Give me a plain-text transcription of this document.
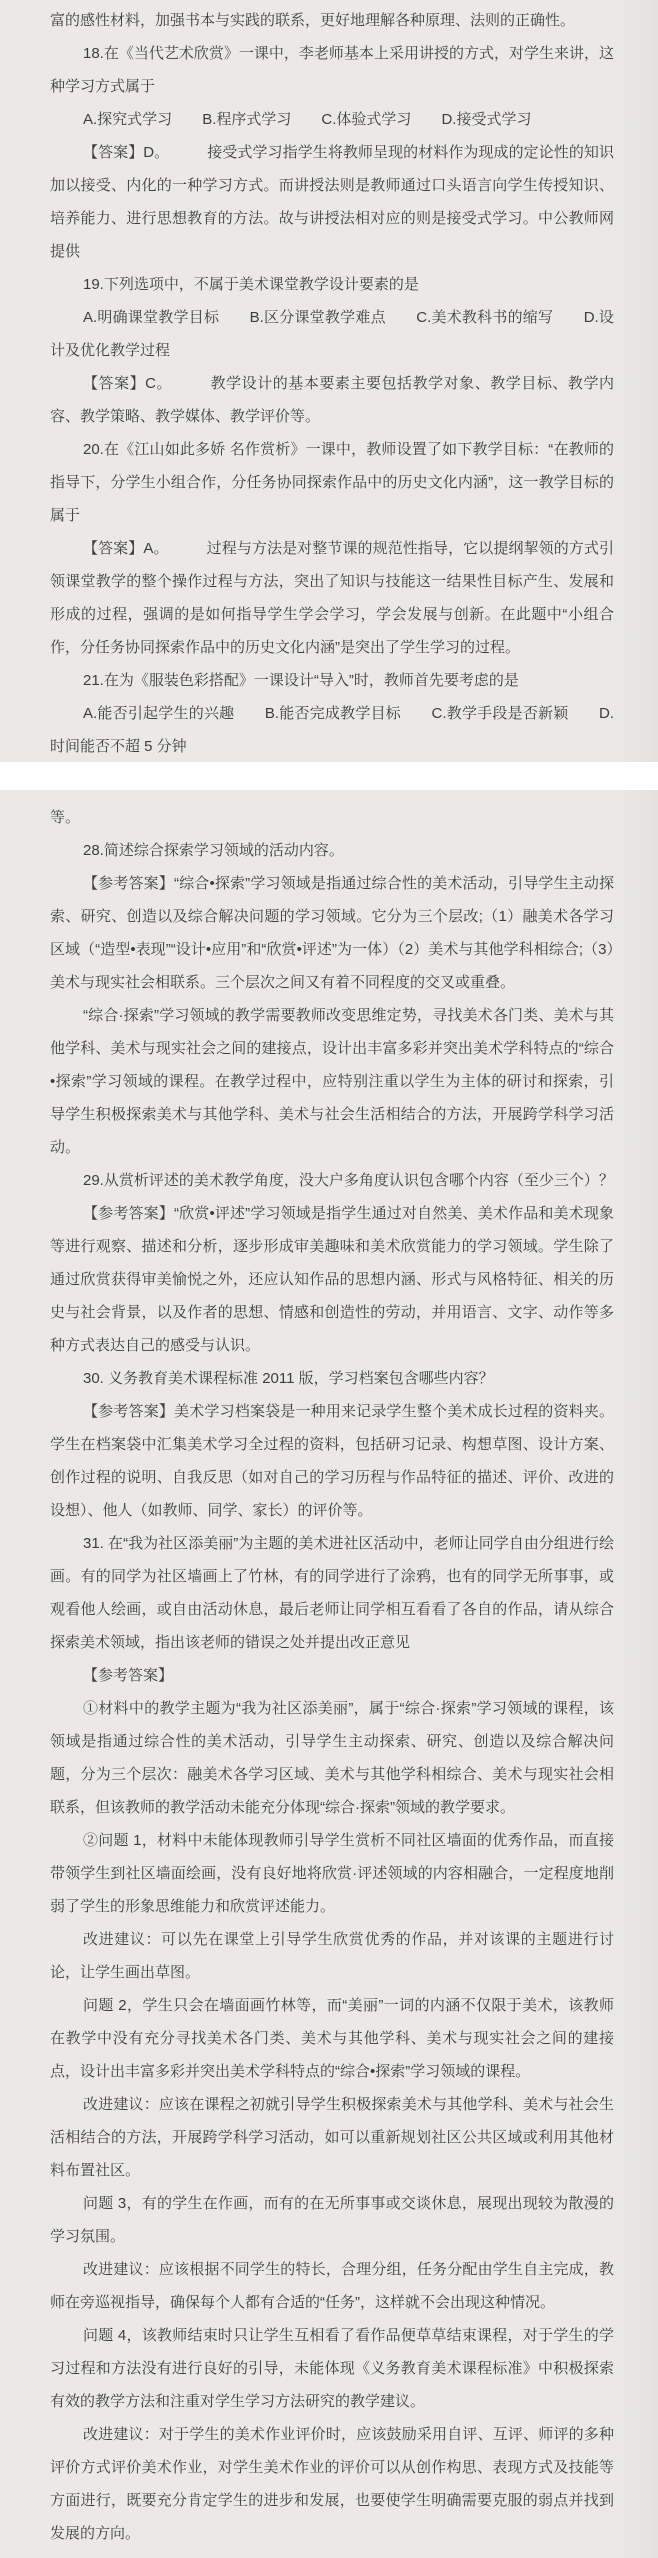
富的感性材料，加强书本与实践的联系，更好地理解各种原理、法则的正确性。

18.在《当代艺术欣赏》一课中，李老师基本上采用讲授的方式，对学生来讲，这种学习方式属于

A.探究式学习　　 B.程序式学习　　 C.体验式学习　　 D.接受式学习

【答案】D。	接受式学习指学生将教师呈现的材料作为现成的定论性的知识加以接受、内化的一种学习方式。而讲授法则是教师通过口头语言向学生传授知识、培养能力、进行思想教育的方法。故与讲授法相对应的则是接受式学习。中公教师网提供

19.下列选项中，不属于美术课堂教学设计要素的是

A.明确课堂教学目标　　 B.区分课堂教学难点　　 C.美术教科书的缩写　　 D.设计及优化教学过程

【答案】C。	教学设计的基本要素主要包括教学对象、教学目标、教学内容、教学策略、教学媒体、教学评价等。

20.在《江山如此多娇 名作赏析》一课中，教师设置了如下教学目标：“在教师的指导下，分学生小组合作，分任务协同探索作品中的历史文化内涵”，这一教学目标的属于

【答案】A。	过程与方法是对整节课的规范性指导，它以提纲挈领的方式引领课堂教学的整个操作过程与方法，突出了知识与技能这一结果性目标产生、发展和形成的过程，强调的是如何指导学生学会学习，学会发展与创新。在此题中“小组合作，分任务协同探索作品中的历史文化内涵”是突出了学生学习的过程。

21.在为《服装色彩搭配》一课设计“导入”时，教师首先要考虑的是

A.能否引起学生的兴趣　　 B.能否完成教学目标　　 C.教学手段是否新颖　　 D.时间能否不超 5 分钟

等。

28.简述综合探索学习领域的活动内容。

【参考答案】“综合•探索”学习领域是指通过综合性的美术活动，引导学生主动探索、研究、创造以及综合解决问题的学习领域。它分为三个层改;（1）融美术各学习区域（“造型•表现”“设计•应用”和“欣赏•评述”为一体）（2）美术与其他学科相综合;（3）美术与现实社会相联系。三个层次之间又有着不同程度的交叉或重叠。

“综合·探索”学习领域的教学需要教师改变思维定势，寻找美术各门类、美术与其他学科、美术与现实社会之间的建接点，设计出丰富多彩并突出美术学科特点的“综合•探索”学习领域的课程。在教学过程中，应特别注重以学生为主体的研讨和探索，引导学生积极探索美术与其他学科、美术与社会生活相结合的方法，开展跨学科学习活动。

29.从赏析评述的美术教学角度，没大户多角度认识包含哪个内容（至少三个）？

【参考答案】“欣赏•评述”学习领域是指学生通过对自然美、美术作品和美术现象等进行观察、描述和分析，逐步形成审美趣味和美术欣赏能力的学习领域。学生除了通过欣赏获得审美愉悦之外，还应认知作品的思想内涵、形式与风格特征、相关的历史与社会背景，以及作者的思想、情感和创造性的劳动，并用语言、文字、动作等多种方式表达自己的感受与认识。

30. 义务教育美术课程标准 2011 版，学习档案包含哪些内容？

【参考答案】美术学习档案袋是一种用来记录学生整个美术成长过程的资料夹。学生在档案袋中汇集美术学习全过程的资料，包括研习记录、构想草图、设计方案、创作过程的说明、自我反思（如对自己的学习历程与作品特征的描述、评价、改进的设想）、他人（如教师、同学、家长）的评价等。

31. 在“我为社区添美丽”为主题的美术进社区活动中，老师让同学自由分组进行绘画。有的同学为社区墙画上了竹林，有的同学进行了涂鸦，也有的同学无所事事，或观看他人绘画，或自由活动休息，最后老师让同学相互看看了各自的作品，请从综合探索美术领域，指出该老师的错误之处并提出改正意见

【参考答案】

①材料中的教学主题为“我为社区添美丽”，属于“综合·探索”学习领域的课程，该领域是指通过综合性的美术活动，引导学生主动探索、研究、创造以及综合解决问题，分为三个层次：融美术各学习区域、美术与其他学科相综合、美术与现实社会相联系，但该教师的教学活动未能充分体现“综合·探索”领域的教学要求。

②问题 1，材料中未能体现教师引导学生赏析不同社区墙面的优秀作品，而直接带领学生到社区墙面绘画，没有良好地将欣赏·评述领域的内容相融合，一定程度地削弱了学生的形象思维能力和欣赏评述能力。

改进建议：可以先在课堂上引导学生欣赏优秀的作品，并对该课的主题进行讨论，让学生画出草图。

问题 2，学生只会在墙面画竹林等，而“美丽”一词的内涵不仅限于美术，该教师在教学中没有充分寻找美术各门类、美术与其他学科、美术与现实社会之间的建接点，设计出丰富多彩并突出美术学科特点的“综合•探索”学习领域的课程。

改进建议：应该在课程之初就引导学生积极探索美术与其他学科、美术与社会生活相结合的方法，开展跨学科学习活动，如可以重新规划社区公共区域或利用其他材料布置社区。

问题 3，有的学生在作画，而有的在无所事事或交谈休息，展现出现较为散漫的学习氛围。

改进建议：应该根据不同学生的特长，合理分组，任务分配由学生自主完成，教师在旁巡视指导，确保每个人都有合适的“任务”，这样就不会出现这种情况。

问题 4，该教师结束时只让学生互相看了看作品便草草结束课程，对于学生的学习过程和方法没有进行良好的引导，未能体现《义务教育美术课程标准》中积极探索有效的教学方法和注重对学生学习方法研究的教学建议。

改进建议：对于学生的美术作业评价时，应该鼓励采用自评、互评、师评的多种评价方式评价美术作业，对学生美术作业的评价可以从创作构思、表现方式及技能等方面进行，既要充分肯定学生的进步和发展，也要使学生明确需要克服的弱点并找到发展的方向。
